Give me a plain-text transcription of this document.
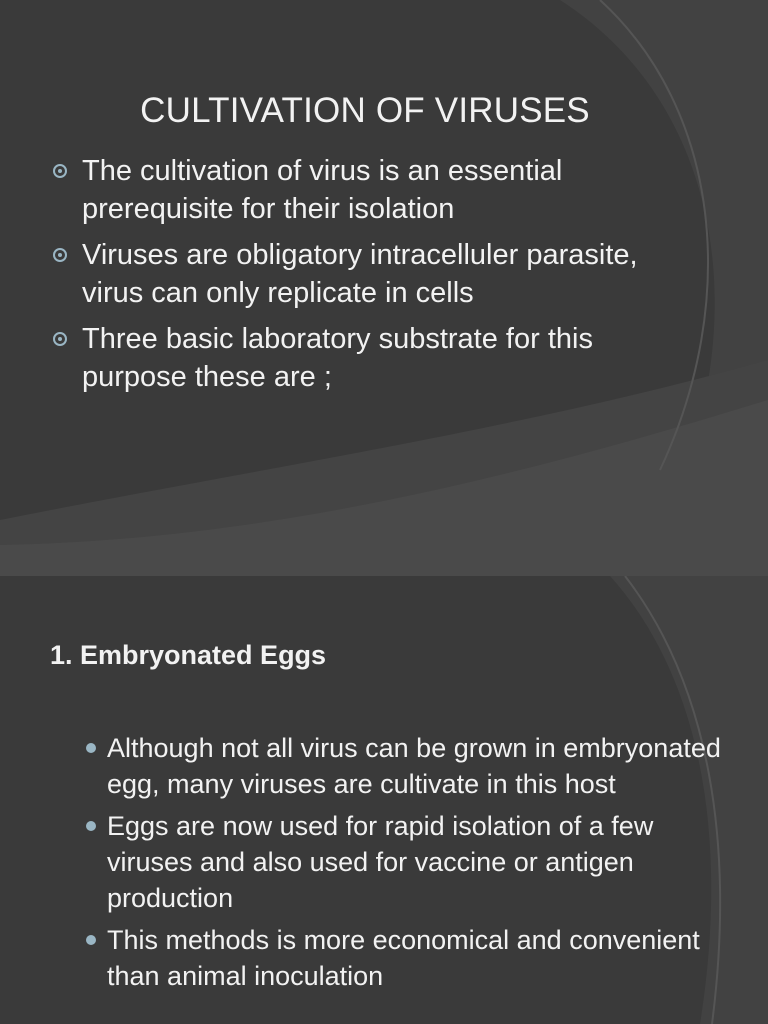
CULTIVATION OF VIRUSES
The cultivation of virus is an essential prerequisite for their isolation
Viruses are obligatory intracelluler parasite, virus can only replicate in cells
Three basic laboratory substrate for this purpose these are ;
1. Embryonated Eggs
Although not all virus can be grown in embryonated egg, many viruses are cultivate in this host
Eggs are now used for rapid isolation of a few viruses and also used for vaccine or antigen production
This methods is more economical and convenient than animal inoculation
